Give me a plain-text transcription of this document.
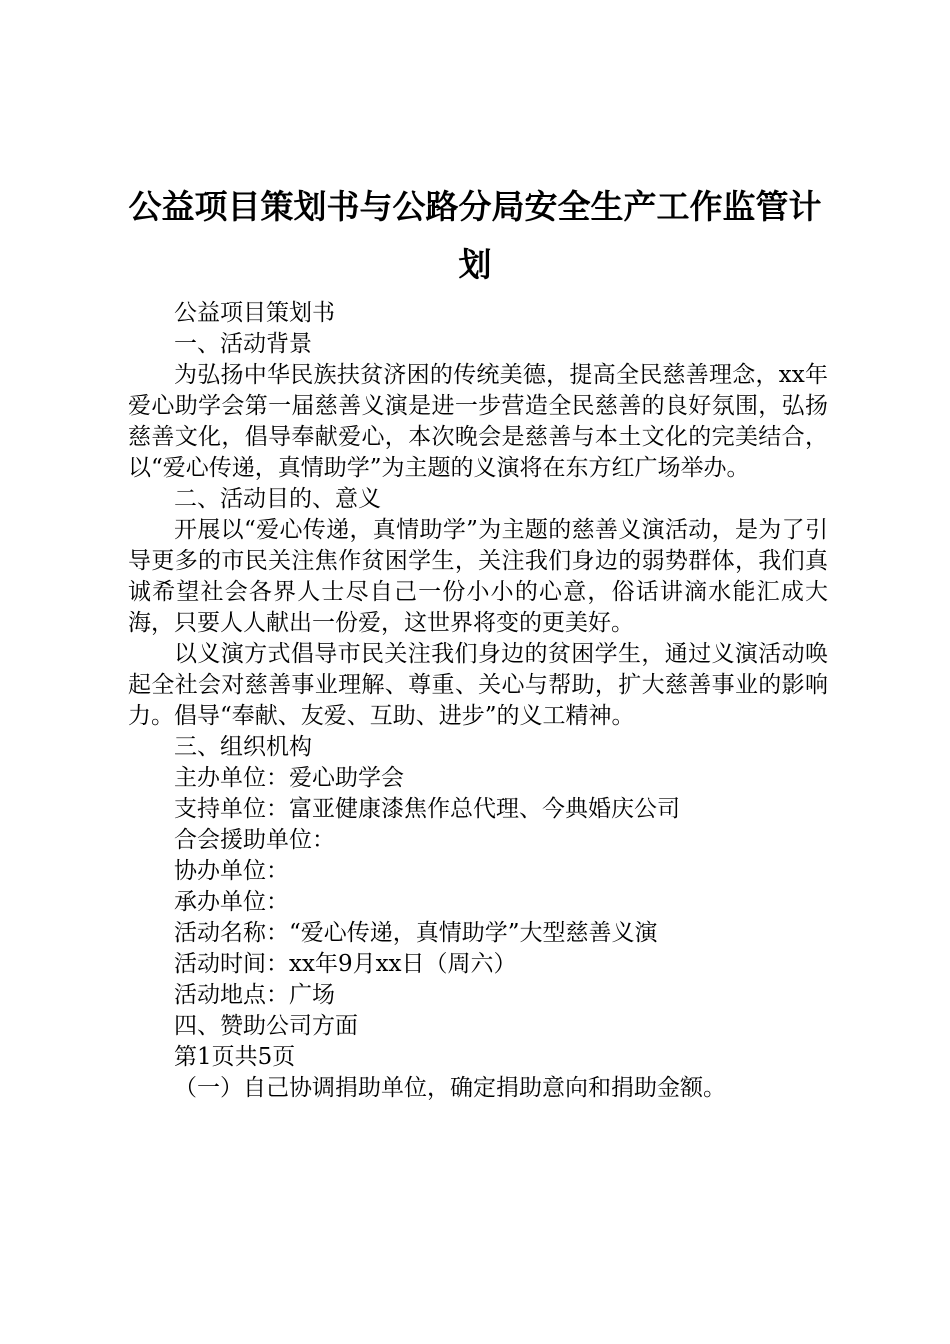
公益项目策划书与公路分局安全生产工作监管计划

公益项目策划书

一、活动背景

为弘扬中华民族扶贫济困的传统美德，提高全民慈善理念，xx年爱心助学会第一届慈善义演是进一步营造全民慈善的良好氛围，弘扬慈善文化，倡导奉献爱心，本次晚会是慈善与本土文化的完美结合，以“爱心传递，真情助学”为主题的义演将在东方红广场举办。

二、活动目的、意义

开展以“爱心传递，真情助学”为主题的慈善义演活动，是为了引导更多的市民关注焦作贫困学生，关注我们身边的弱势群体，我们真诚希望社会各界人士尽自己一份小小的心意，俗话讲滴水能汇成大海，只要人人献出一份爱，这世界将变的更美好。

以义演方式倡导市民关注我们身边的贫困学生，通过义演活动唤起全社会对慈善事业理解、尊重、关心与帮助，扩大慈善事业的影响力。倡导“奉献、友爱、互助、进步”的义工精神。

三、组织机构

主办单位：爱心助学会

支持单位：富亚健康漆焦作总代理、今典婚庆公司

合会援助单位：

协办单位：

承办单位：

活动名称：“爱心传递，真情助学”大型慈善义演

活动时间：xx年9月xx日（周六）

活动地点：广场

四、赞助公司方面

第1页共5页

（一）自己协调捐助单位，确定捐助意向和捐助金额。
